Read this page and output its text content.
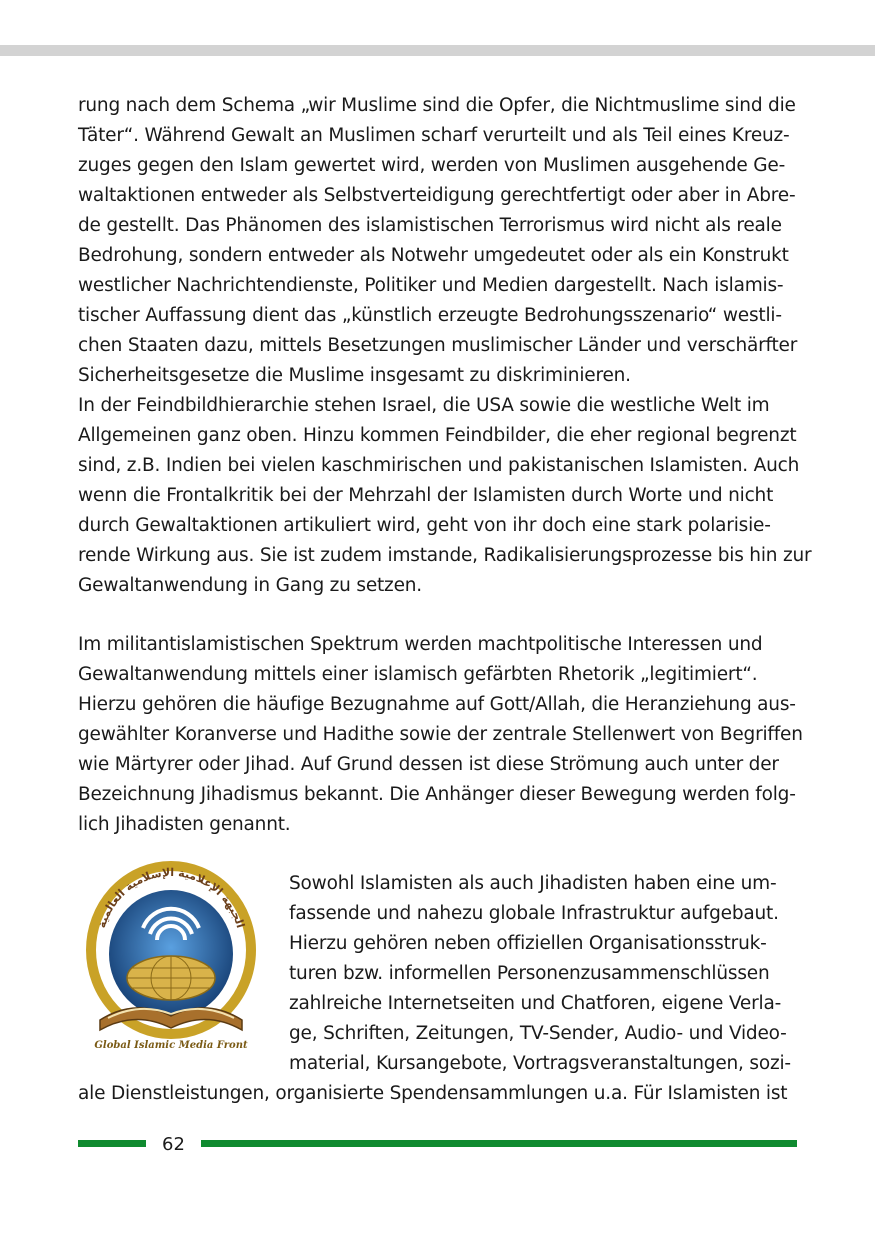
rung nach dem Schema „wir Muslime sind die Opfer, die Nichtmuslime sind die
Täter“. Während Gewalt an Muslimen scharf verurteilt und als Teil eines Kreuz-
zuges gegen den Islam gewertet wird, werden von Muslimen ausgehende Ge-
waltaktionen entweder als Selbstverteidigung gerechtfertigt oder aber in Abre-
de gestellt. Das Phänomen des islamistischen Terrorismus wird nicht als reale
Bedrohung, sondern entweder als Notwehr umgedeutet oder als ein Konstrukt
westlicher Nachrichtendienste, Politiker und Medien dargestellt. Nach islamis-
tischer Auffassung dient das „künstlich erzeugte Bedrohungsszenario“ westli-
chen Staaten dazu, mittels Besetzungen muslimischer Länder und verschärfter
Sicherheitsgesetze die Muslime insgesamt zu diskriminieren.
In der Feindbildhierarchie stehen Israel, die USA sowie die westliche Welt im
Allgemeinen ganz oben. Hinzu kommen Feindbilder, die eher regional begrenzt
sind, z.B. Indien bei vielen kaschmirischen und pakistanischen Islamisten. Auch
wenn die Frontalkritik bei der Mehrzahl der Islamisten durch Worte und nicht
durch Gewaltaktionen artikuliert wird, geht von ihr doch eine stark polarisie-
rende Wirkung aus. Sie ist zudem imstande, Radikalisierungsprozesse bis hin zur
Gewaltanwendung in Gang zu setzen.
Im militantislamistischen Spektrum werden machtpolitische Interessen und
Gewaltanwendung mittels einer islamisch gefärbten Rhetorik „legitimiert“.
Hierzu gehören die häufige Bezugnahme auf Gott/Allah, die Heranziehung aus-
gewählter Koranverse und Hadithe sowie der zentrale Stellenwert von Begriffen
wie Märtyrer oder Jihad. Auf Grund dessen ist diese Strömung auch unter der
Bezeichnung Jihadismus bekannt. Die Anhänger dieser Bewegung werden folg-
lich Jihadisten genannt.
Sowohl Islamisten als auch Jihadisten haben eine um-
fassende und nahezu globale Infrastruktur aufgebaut.
Hierzu gehören neben offiziellen Organisationsstruk-
turen bzw. informellen Personenzusammenschlüssen
zahlreiche Internetseiten und Chatforen, eigene Verla-
ge, Schriften, Zeitungen, TV-Sender, Audio- und Video-
material, Kursangebote, Vortragsveranstaltungen, sozi-
ale Dienstleistungen, organisierte Spendensammlungen u.a. Für Islamisten ist
الجبهة الإعلامية الإسلامية العالمية
Global Islamic Media Front
62
